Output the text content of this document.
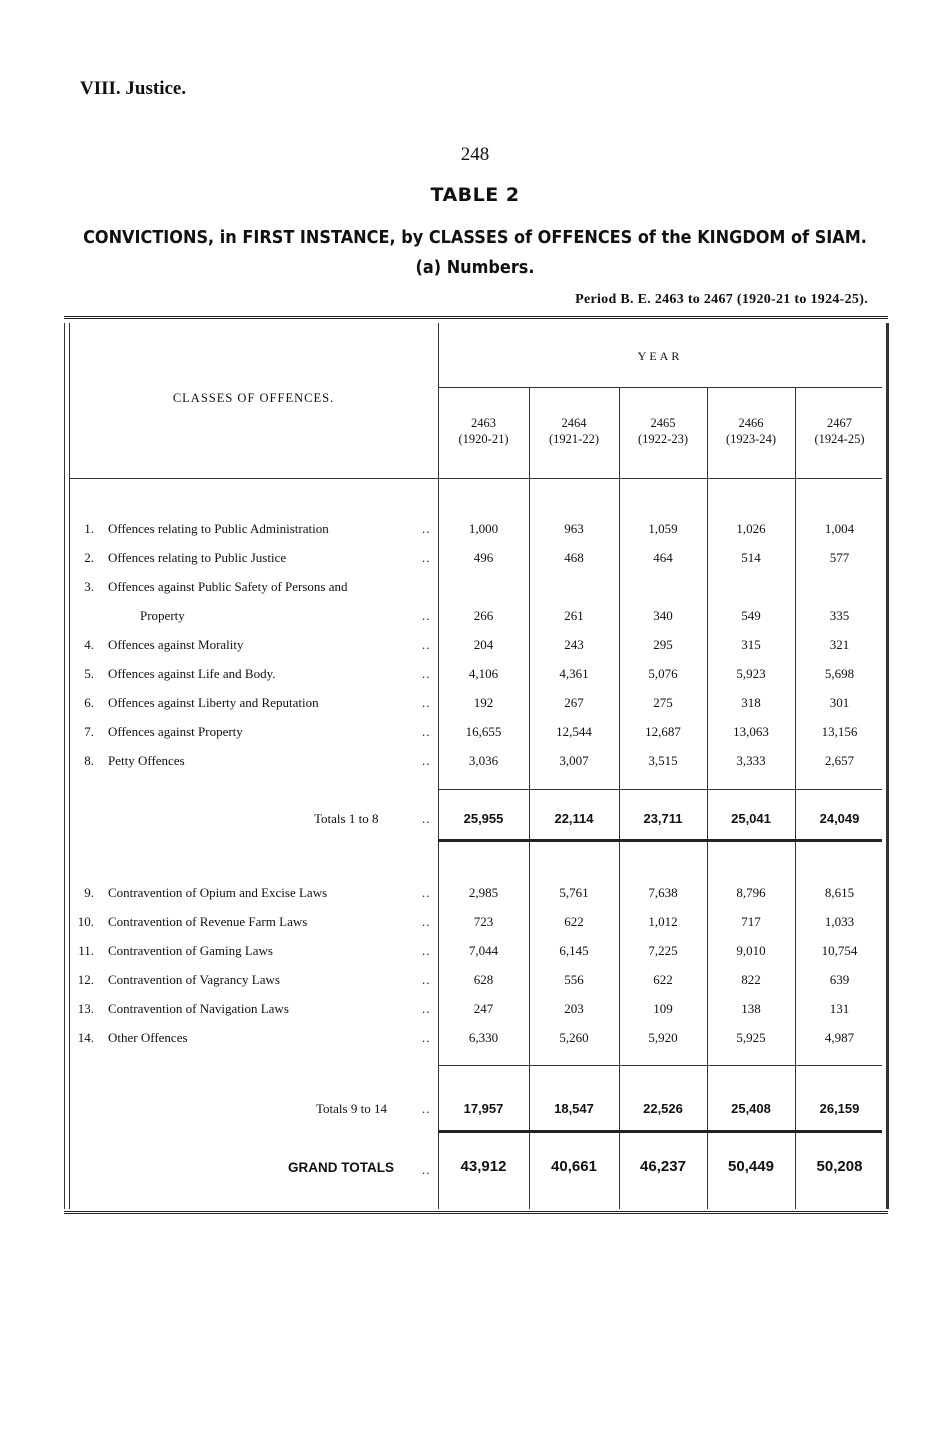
VIII. Justice.
248
TABLE 2
CONVICTIONS, in FIRST INSTANCE, by CLASSES of OFFENCES of the KINGDOM of SIAM.
(a) Numbers.
Period B. E. 2463 to 2467 (1920-21 to 1924-25).
YEAR
CLASSES OF OFFENCES.
2463
(1920-21)
2464
(1921-22)
2465
(1922-23)
2466
(1923-24)
2467
(1924-25)
1. Offences relating to Public Administration	..	1,000	963	1,059	1,026	1,004
2. Offences relating to Public Justice	..	496	468	464	514	577
3. Offences against Public Safety of Persons and
Property	..	266	261	340	549	335
4. Offences against Morality	..	204	243	295	315	321
5. Offences against Life and Body.	..	4,106	4,361	5,076	5,923	5,698
6. Offences against Liberty and Reputation	..	192	267	275	318	301
7. Offences against Property	..	16,655	12,544	12,687	13,063	13,156
8. Petty Offences	..	3,036	3,007	3,515	3,333	2,657
Totals 1 to 8	..	25,955	22,114	23,711	25,041	24,049
9. Contravention of Opium and Excise Laws	..	2,985	5,761	7,638	8,796	8,615
10. Contravention of Revenue Farm Laws	..	723	622	1,012	717	1,033
11. Contravention of Gaming Laws	..	7,044	6,145	7,225	9,010	10,754
12. Contravention of Vagrancy Laws	..	628	556	622	822	639
13. Contravention of Navigation Laws	..	247	203	109	138	131
14. Other Offences	..	6,330	5,260	5,920	5,925	4,987
Totals 9 to 14	..	17,957	18,547	22,526	25,408	26,159
GRAND TOTALS ..	43,912	40,661	46,237	50,449	50,208
